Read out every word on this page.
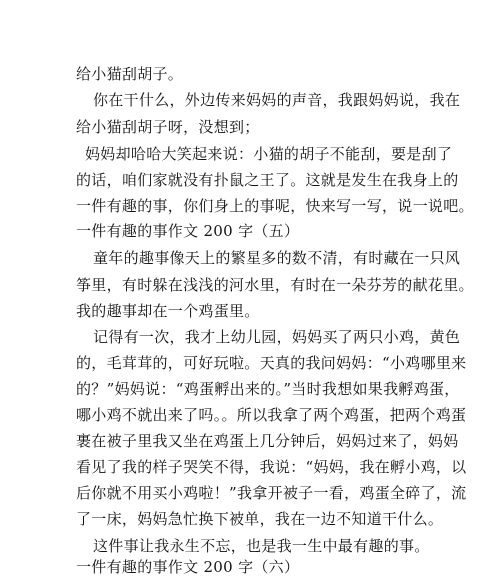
给小猫刮胡子。
你在干什么，外边传来妈妈的声音，我跟妈妈说，我在
给小猫刮胡子呀，没想到；
妈妈却哈哈大笑起来说：小猫的胡子不能刮，要是刮了
的话，咱们家就没有扑鼠之王了。这就是发生在我身上的
一件有趣的事，你们身上的事呢，快来写一写，说一说吧。
一件有趣的事作文 200 字（五）
童年的趣事像天上的繁星多的数不清，有时藏在一只风
筝里，有时躲在浅浅的河水里，有时在一朵芬芳的献花里。
我的趣事却在一个鸡蛋里。
记得有一次，我才上幼儿园，妈妈买了两只小鸡，黄色
的，毛茸茸的，可好玩啦。天真的我问妈妈：“小鸡哪里来
的？”妈妈说：“鸡蛋孵出来的。”当时我想如果我孵鸡蛋，
哪小鸡不就出来了吗。。所以我拿了两个鸡蛋，把两个鸡蛋
裹在被子里我又坐在鸡蛋上几分钟后，妈妈过来了，妈妈
看见了我的样子哭笑不得，我说：“妈妈，我在孵小鸡，以
后你就不用买小鸡啦！”我拿开被子一看，鸡蛋全碎了，流
了一床，妈妈急忙换下被单，我在一边不知道干什么。
这件事让我永生不忘，也是我一生中最有趣的事。
一件有趣的事作文 200 字（六）
